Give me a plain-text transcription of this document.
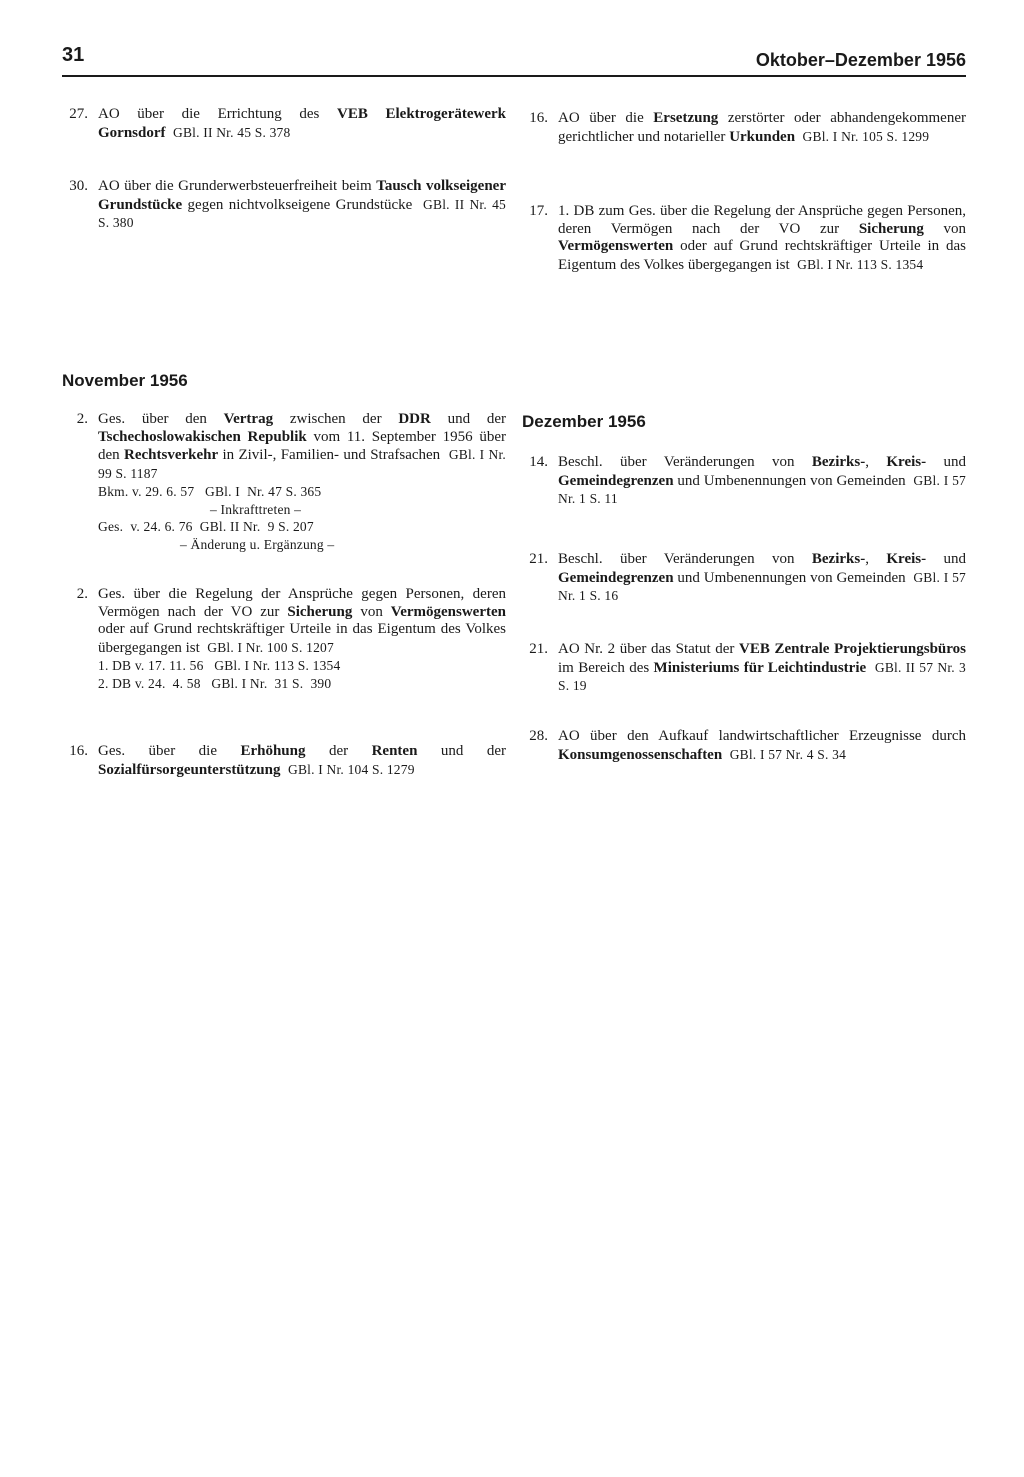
31	Oktober–Dezember 1956
27. AO über die Errichtung des VEB Elektrogerätewerk Gornsdorf GBl. II Nr. 45 S. 378
30. AO über die Grunderwerbsteuerfreiheit beim Tausch volkseigener Grundstücke gegen nichtvolkseigene Grundstücke GBl. II Nr. 45 S. 380
November 1956
2. Ges. über den Vertrag zwischen der DDR und der Tschechoslowakischen Republik vom 11. September 1956 über den Rechtsverkehr in Zivil-, Familien- und Strafsachen GBl. I Nr. 99 S. 1187
Bkm. v. 29. 6. 57   GBl. I  Nr. 47 S. 365
– Inkrafttreten –
Ges.  v. 24. 6. 76  GBl. II Nr.  9 S. 207
– Änderung u. Ergänzung –
2. Ges. über die Regelung der Ansprüche gegen Personen, deren Vermögen nach der VO zur Sicherung von Vermögenswerten oder auf Grund rechtskräftiger Urteile in das Eigentum des Volkes übergegangen ist GBl. I Nr. 100 S. 1207
1. DB v. 17. 11. 56   GBl. I Nr. 113 S. 1354
2. DB v. 24.  4. 58   GBl. I Nr.  31 S.  390
16. Ges. über die Erhöhung der Renten und der Sozialfürsorgeunterstützung GBl. I Nr. 104 S. 1279
16. AO über die Ersetzung zerstörter oder abhandengekommener gerichtlicher und notarieller Urkunden GBl. I Nr. 105 S. 1299
17. 1. DB zum Ges. über die Regelung der Ansprüche gegen Personen, deren Vermögen nach der VO zur Sicherung von Vermögenswerten oder auf Grund rechtskräftiger Urteile in das Eigentum des Volkes übergegangen ist GBl. I Nr. 113 S. 1354
Dezember 1956
14. Beschl. über Veränderungen von Bezirks-, Kreis- und Gemeindegrenzen und Umbenennungen von Gemeinden GBl. I 57 Nr. 1 S. 11
21. Beschl. über Veränderungen von Bezirks-, Kreis- und Gemeindegrenzen und Umbenennungen von Gemeinden GBl. I 57 Nr. 1 S. 16
21. AO Nr. 2 über das Statut der VEB Zentrale Projektierungsbüros im Bereich des Ministeriums für Leichtindustrie GBl. II 57 Nr. 3 S. 19
28. AO über den Aufkauf landwirtschaftlicher Erzeugnisse durch Konsumgenossenschaften GBl. I 57 Nr. 4 S. 34
